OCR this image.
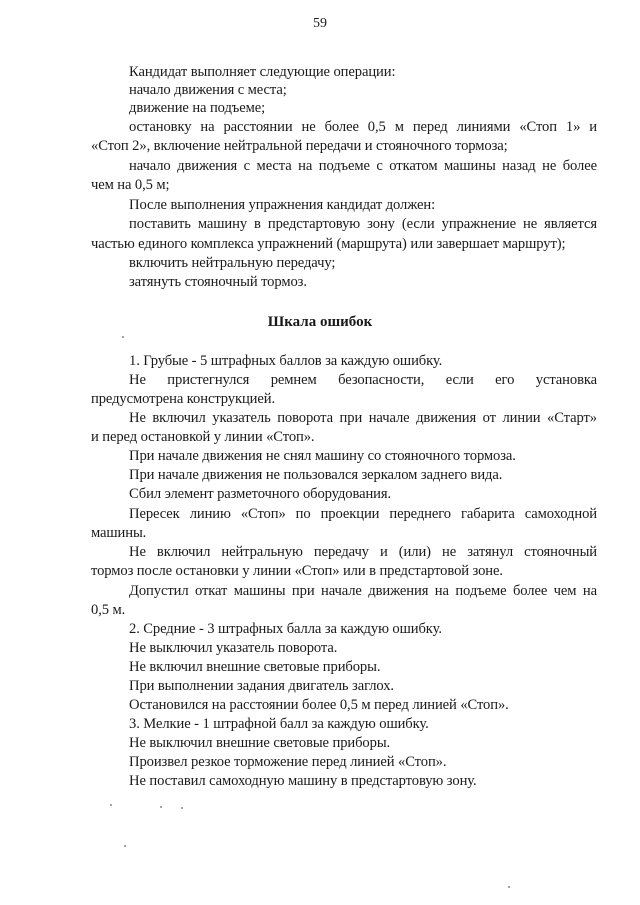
59
Кандидат выполняет следующие операции:
начало движения с места;
движение на подъеме;
остановку на расстоянии не более 0,5 м перед линиями «Стоп 1» и
«Стоп 2», включение нейтральной передачи и стояночного тормоза;
начало движения с места на подъеме с откатом машины назад не более
чем на 0,5 м;
После выполнения упражнения кандидат должен:
поставить машину в предстартовую зону (если упражнение не является
частью единого комплекса упражнений (маршрута) или завершает маршрут);
включить нейтральную передачу;
затянуть стояночный тормоз.
Шкала ошибок
1. Грубые - 5 штрафных баллов за каждую ошибку.
Не пристегнулся ремнем безопасности, если его установка
предусмотрена конструкцией.
Не включил указатель поворота при начале движения от линии «Старт»
и перед остановкой у линии «Стоп».
При начале движения не снял машину со стояночного тормоза.
При начале движения не пользовался зеркалом заднего вида.
Сбил элемент разметочного оборудования.
Пересек линию «Стоп» по проекции переднего габарита самоходной
машины.
Не включил нейтральную передачу и (или) не затянул стояночный
тормоз после остановки у линии «Стоп» или в предстартовой зоне.
Допустил откат машины при начале движения на подъеме более чем на
0,5 м.
2. Средние - 3 штрафных балла за каждую ошибку.
Не выключил указатель поворота.
Не включил внешние световые приборы.
При выполнении задания двигатель заглох.
Остановился на расстоянии более 0,5 м перед линией «Стоп».
3. Мелкие - 1 штрафной балл за каждую ошибку.
Не выключил внешние световые приборы.
Произвел резкое торможение перед линией «Стоп».
Не поставил самоходную машину в предстартовую зону.
